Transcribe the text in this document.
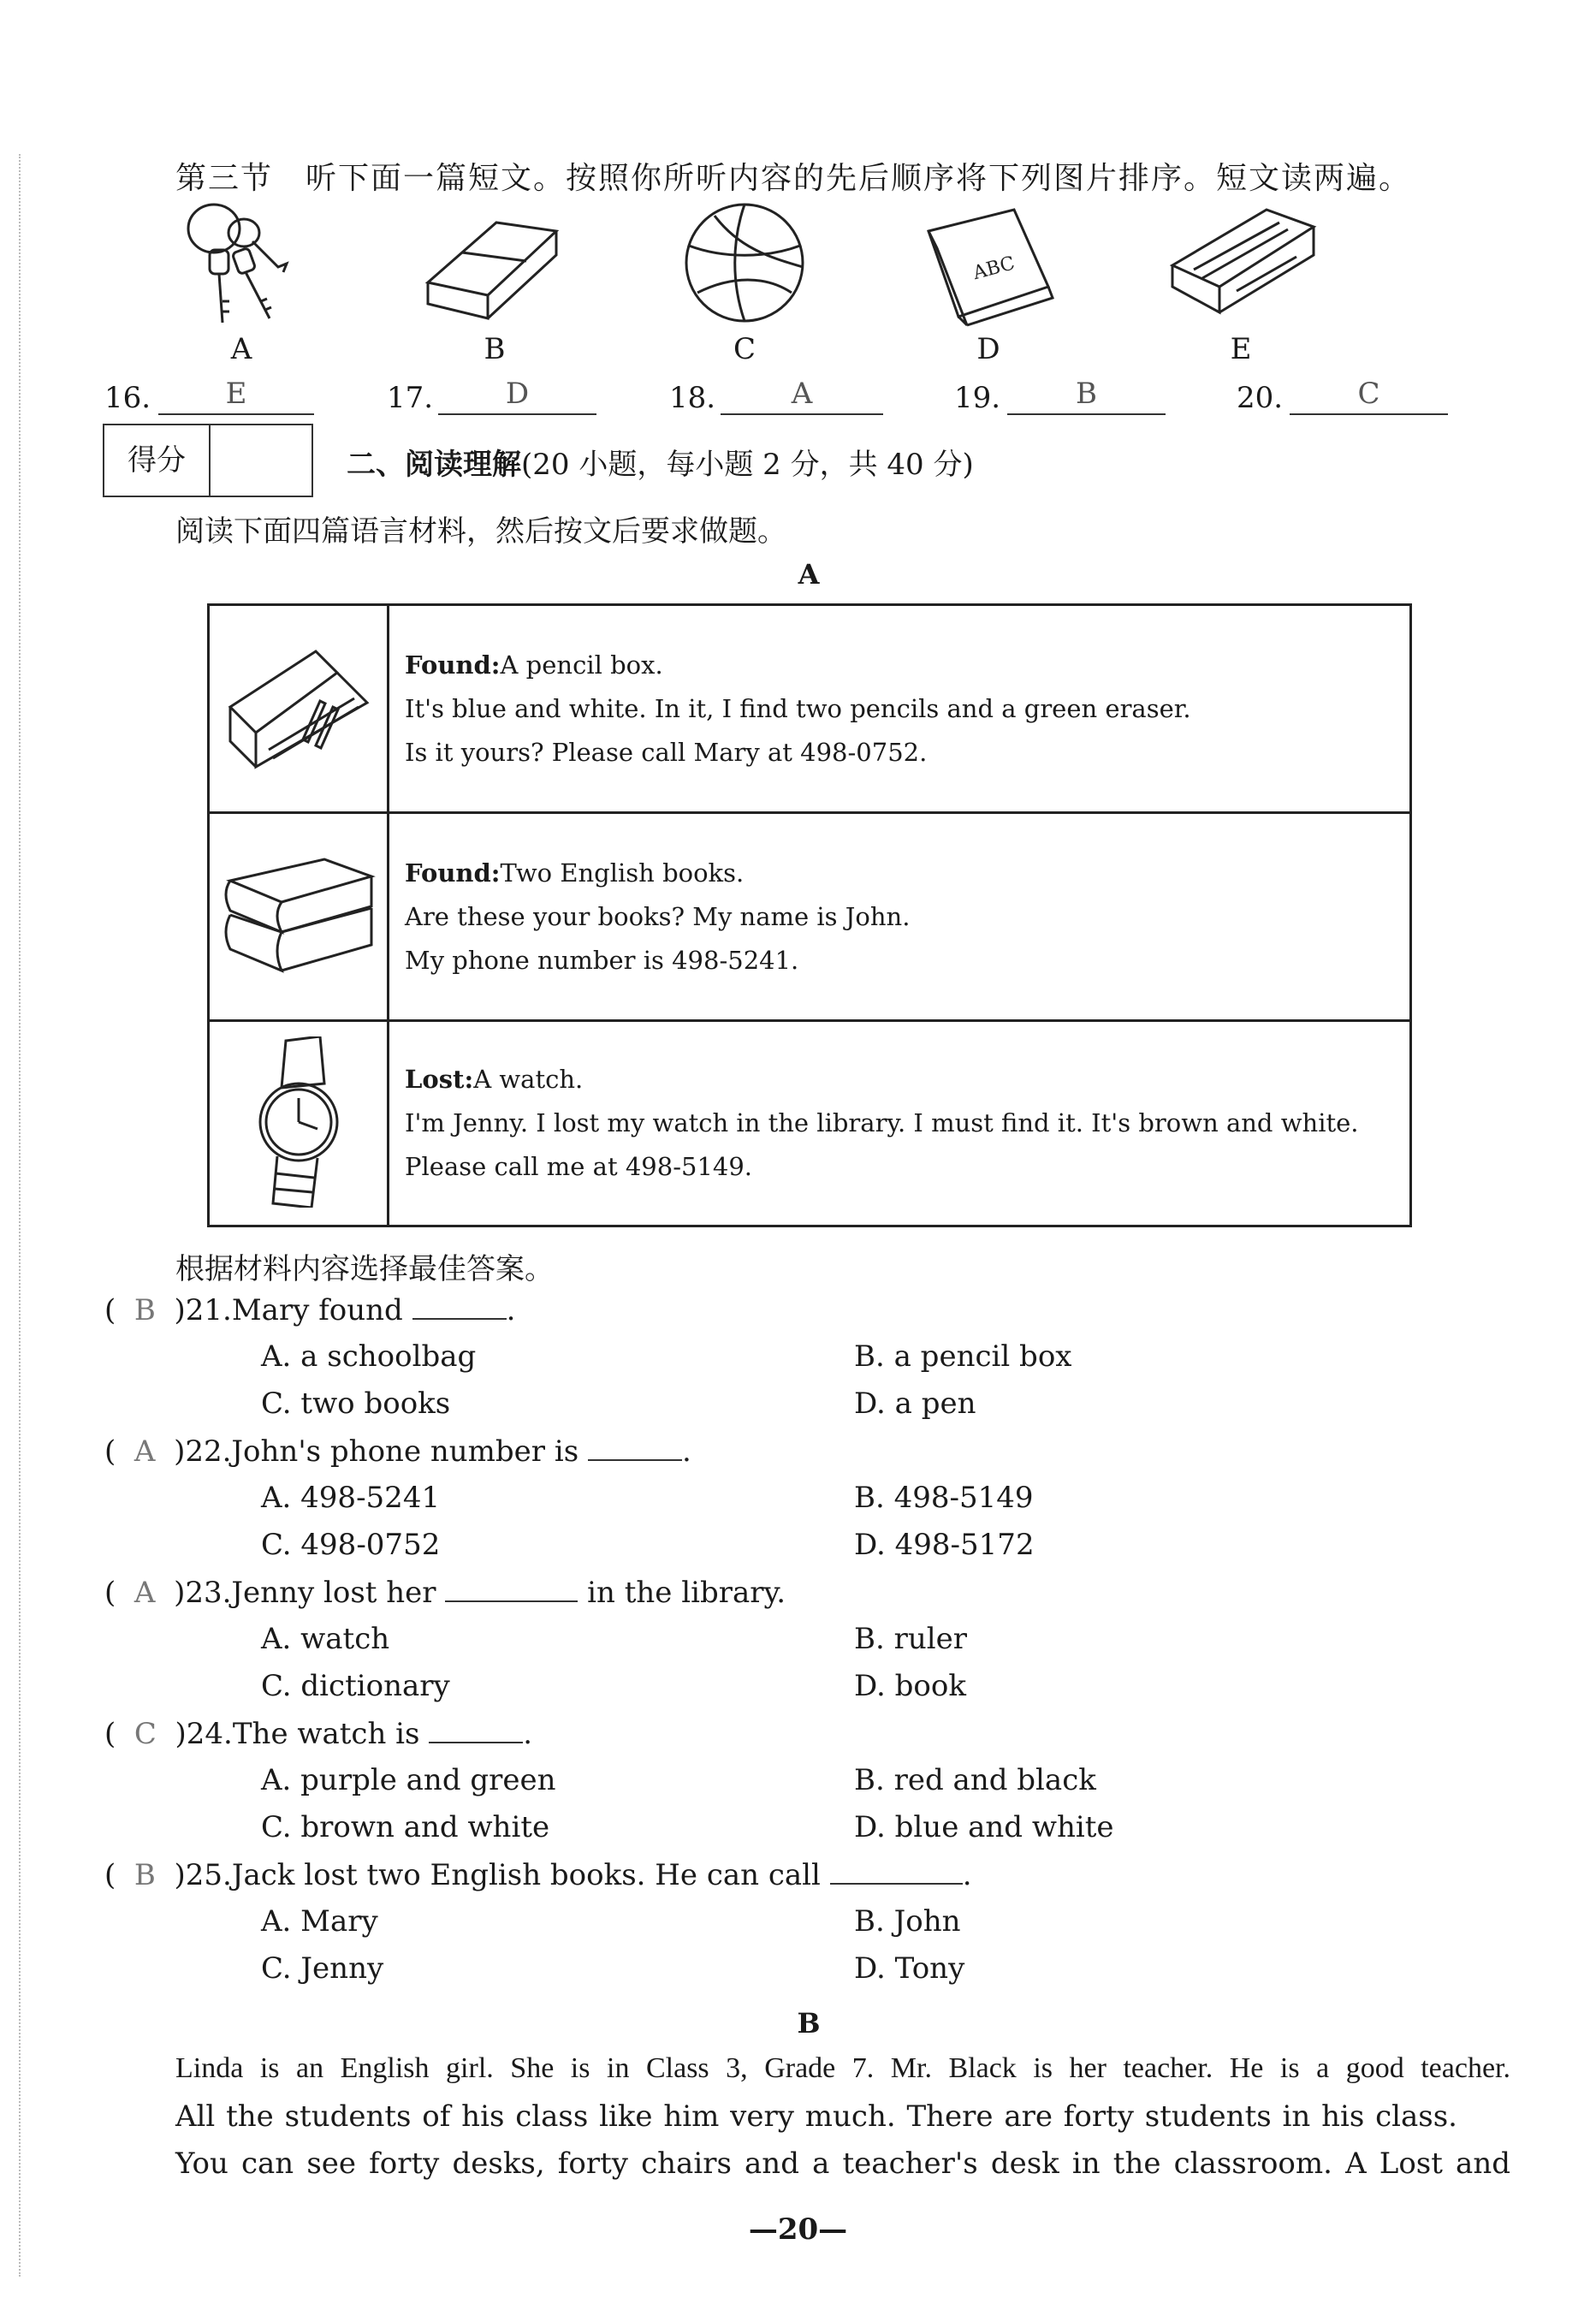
第三节　听下面一篇短文。按照你所听内容的先后顺序将下列图片排序。短文读两遍。
ABC
A	B	C	D	E
16.	E	17.	D	18.	A	19.	B	20.	C
得分	二、阅读理解(20 小题，每小题 2 分，共 40 分)
阅读下面四篇语言材料，然后按文后要求做题。
A

Found:A pencil box.
It's blue and white. In it, I find two pencils and a green eraser.
Is it yours? Please call Mary at 498-0752.

Found:Two English books.
Are these your books? My name is John.
My phone number is 498-5241.

Lost:A watch.
I'm Jenny. I lost my watch in the library. I must find it. It's brown and white.
Please call me at 498-5149.
根据材料内容选择最佳答案。
(  B  )21.Mary found	.
A. a schoolbag	B. a pencil box
C. two books	D. a pen
(  A  )22.John's phone number is	.
A. 498-5241	B. 498-5149
C. 498-0752	D. 498-5172
(  A  )23.Jenny lost her	in the library.
A. watch	B. ruler
C. dictionary	D. book
(  C  )24.The watch is	.
A. purple and green	B. red and black
C. brown and white	D. blue and white
(  B  )25.Jack lost two English books. He can call	.
A. Mary	B. John
C. Jenny	D. Tony
B
Linda is an English girl. She is in Class 3, Grade 7. Mr. Black is her teacher. He is a good teacher.
All the students of his class like him very much. There are forty students in his class.
You can see forty desks, forty chairs and a teacher's desk in the classroom. A Lost and
—20—
